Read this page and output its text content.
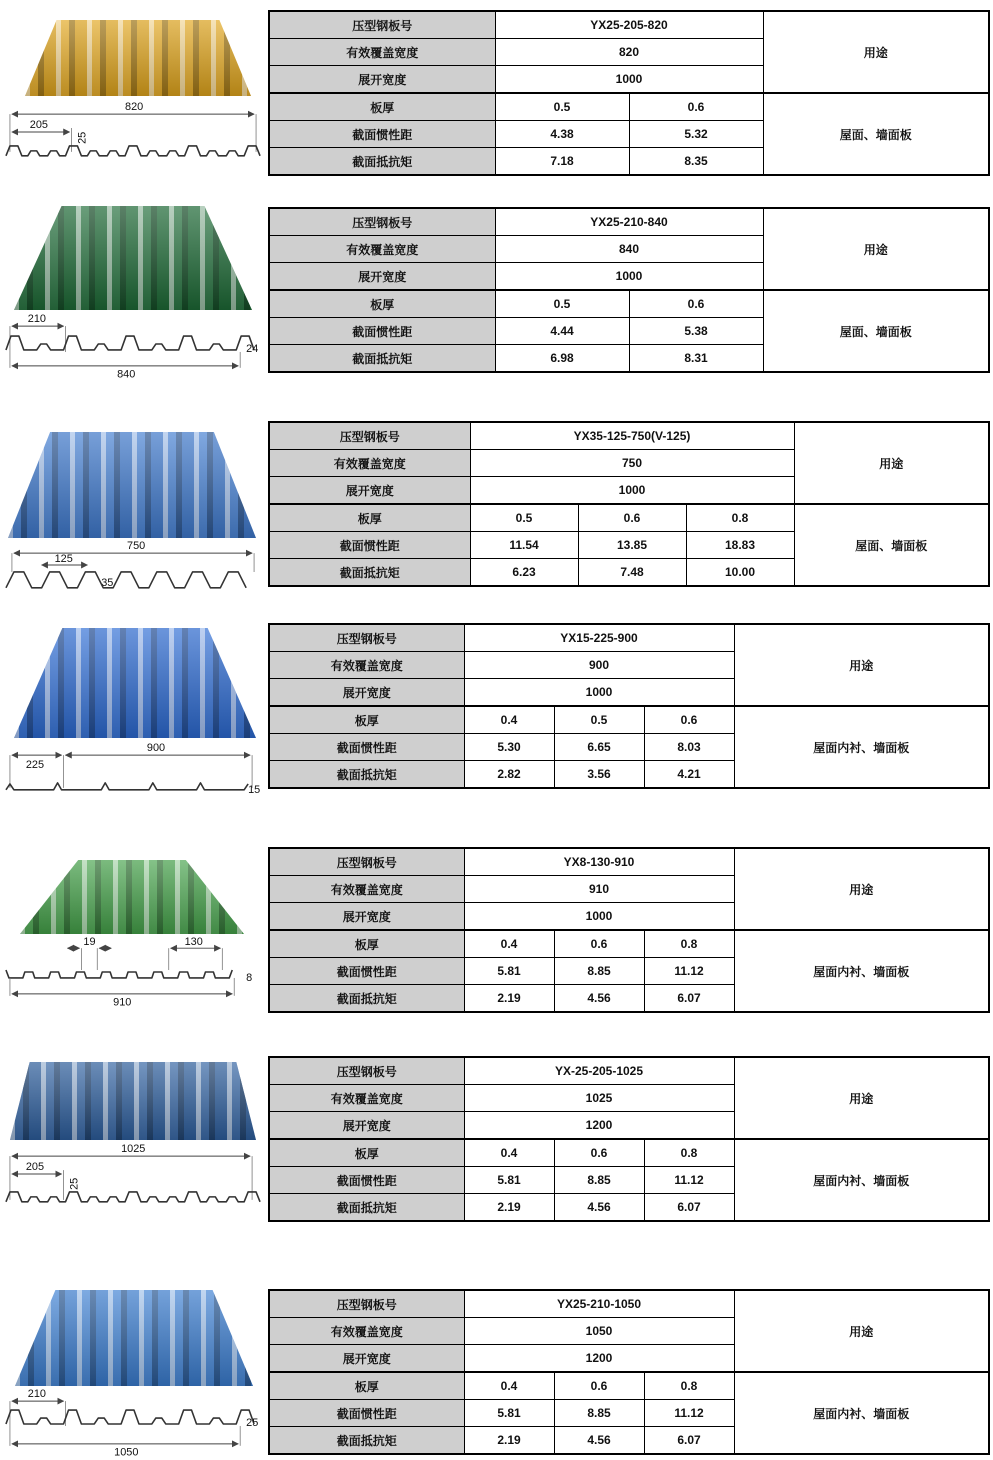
820
205
25
压型钢板号	YX25-205-820		用途
有效覆盖宽度	820		
展开宽度	1000		
板厚	0.5	0.6	屋面、墙面板
截面惯性距	4.38	5.32	
截面抵抗矩	7.18	8.35	
210
24
840
压型钢板号	YX25-210-840		用途
有效覆盖宽度	840		
展开宽度	1000		
板厚	0.5	0.6	屋面、墙面板
截面惯性距	4.44	5.38	
截面抵抗矩	6.98	8.31	
750
125
35
压型钢板号	YX35-125-750(V-125)			用途
有效覆盖宽度	750			
展开宽度	1000			
板厚	0.5	0.6	0.8	屋面、墙面板
截面惯性距	11.54	13.85	18.83	
截面抵抗矩	6.23	7.48	10.00	
225
900
15
压型钢板号	YX15-225-900			用途
有效覆盖宽度	900			
展开宽度	1000			
板厚	0.4	0.5	0.6	屋面内衬、墙面板
截面惯性距	5.30	6.65	8.03	
截面抵抗矩	2.82	3.56	4.21	
19	130
8
910
压型钢板号	YX8-130-910			用途
有效覆盖宽度	910			
展开宽度	1000			
板厚	0.4	0.6	0.8	屋面内衬、墙面板
截面惯性距	5.81	8.85	11.12	
截面抵抗矩	2.19	4.56	6.07	
1025
205
25
压型钢板号	YX-25-205-1025			用途
有效覆盖宽度	1025			
展开宽度	1200			
板厚	0.4	0.6	0.8	屋面内衬、墙面板
截面惯性距	5.81	8.85	11.12	
截面抵抗矩	2.19	4.56	6.07	
210
25
1050
压型钢板号	YX25-210-1050			用途
有效覆盖宽度	1050			
展开宽度	1200			
板厚	0.4	0.6	0.8	屋面内衬、墙面板
截面惯性距	5.81	8.85	11.12	
截面抵抗矩	2.19	4.56	6.07	
